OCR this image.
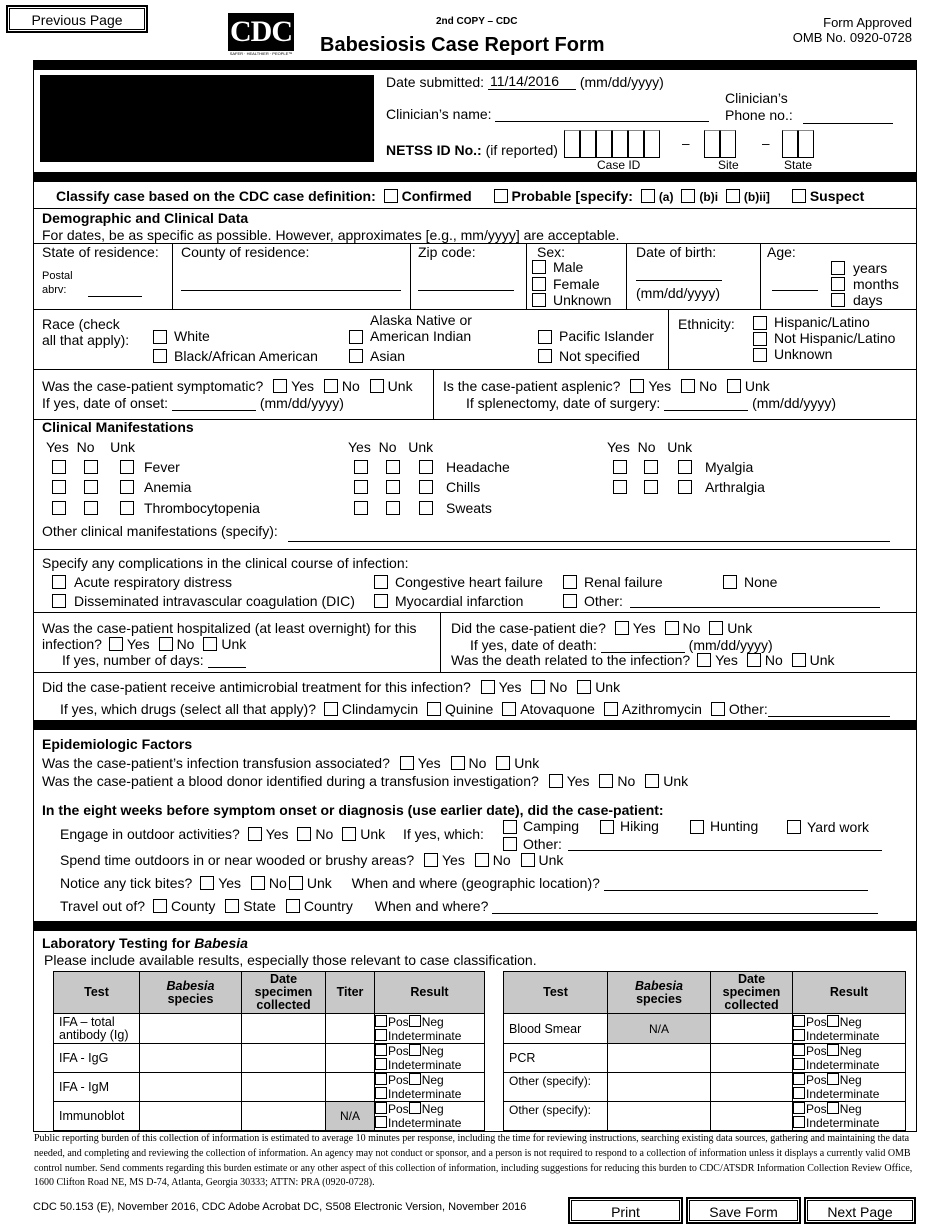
Previous Page	CDC
SAFER · HEALTHIER · PEOPLE™
2nd COPY – CDC
Babesiosis Case Report Form
Form Approved
OMB No. 0920-0728
Date submitted: 11/14/2016 (mm/dd/yyyy)
Clinician’s name:
Clinician’s
Phone no.:
NETSS ID No.: (if reported)	–	–
Case ID	Site	State
Classify case based on the CDC case definition: Confirmed	Probable [specify: (a) (b)i (b)ii]	Suspect
Demographic and Clinical Data
For dates, be as specific as possible. However, approximates [e.g., mm/yyyy] are acceptable.
State of residence:
Postal
abrv:
County of residence:	Zip code:	Sex:
Male
Female
Unknown
Date of birth:
(mm/dd/yyyy)
Age:
years
months
days
Race (check
all that apply):	White
Black/African American
Alaska Native or
American Indian
Asian
Pacific Islander
Not specified
Ethnicity:	Hispanic/Latino
Not Hispanic/Latino
Unknown
Was the case-patient symptomatic? Yes No Unk
If yes, date of onset:	(mm/dd/yyyy)
Is the case-patient asplenic? Yes No Unk
If splenectomy, date of surgery:	(mm/dd/yyyy)
Clinical Manifestations
Yes No Unk	Yes No Unk	Yes No Unk
Fever
Anemia
Thrombocytopenia
Headache
Chills
Sweats
Myalgia
Arthralgia
Other clinical manifestations (specify):
Specify any complications in the clinical course of infection:
Acute respiratory distress
Disseminated intravascular coagulation (DIC)
Congestive heart failure
Myocardial infarction
Renal failure
Other:
None
Was the case-patient hospitalized (at least overnight) for this
infection? Yes No Unk
If yes, number of days:
Did the case-patient die? Yes No Unk
If yes, date of death:	(mm/dd/yyyy)
Was the death related to the infection? Yes No Unk
Did the case-patient receive antimicrobial treatment for this infection? Yes No Unk
If yes, which drugs (select all that apply)? Clindamycin Quinine Atovaquone Azithromycin Other:
Epidemiologic Factors
Was the case-patient’s infection transfusion associated? Yes No Unk
Was the case-patient a blood donor identified during a transfusion investigation? Yes No Unk
In the eight weeks before symptom onset or diagnosis (use earlier date), did the case-patient:
Engage in outdoor activities? Yes No Unk If yes, which:	Camping
Other:
Hiking	Hunting	Yard work
Spend time outdoors in or near wooded or brushy areas? Yes No Unk
Notice any tick bites? Yes No Unk When and where (geographic location)?
Travel out of? County State Country When and where?
Laboratory Testing for Babesia
Please include available results, especially those relevant to case classification.
Test	Babesia
species	Date
specimen
collected	Titer	Result
IFA – total antibody (Ig)				Pos Neg
Indeterminate
IFA - IgG				Pos Neg
Indeterminate
IFA - IgM				Pos Neg
Indeterminate
Immunoblot			N/A	Pos Neg
Indeterminate
Test	Babesia
species	Date
specimen
collected	Result
Blood Smear	N/A		Pos Neg
Indeterminate
PCR			Pos Neg
Indeterminate
Other (specify):			Pos Neg
Indeterminate
Other (specify):			Pos Neg
Indeterminate
Public reporting burden of this collection of information is estimated to average 10 minutes per response, including the time for reviewing instructions, searching existing data sources, gathering and maintaining the data needed, and completing and reviewing the collection of information. An agency may not conduct or sponsor, and a person is not required to respond to a collection of information unless it displays a currently valid OMB control number. Send comments regarding this burden estimate or any other aspect of this collection of information, including suggestions for reducing this burden to CDC/ATSDR Information Collection Review Office, 1600 Clifton Road NE, MS D-74, Atlanta, Georgia 30333; ATTN: PRA (0920-0728).
CDC 50.153 (E), November 2016, CDC Adobe Acrobat DC, S508 Electronic Version, November 2016	Print	Save Form	Next Page
